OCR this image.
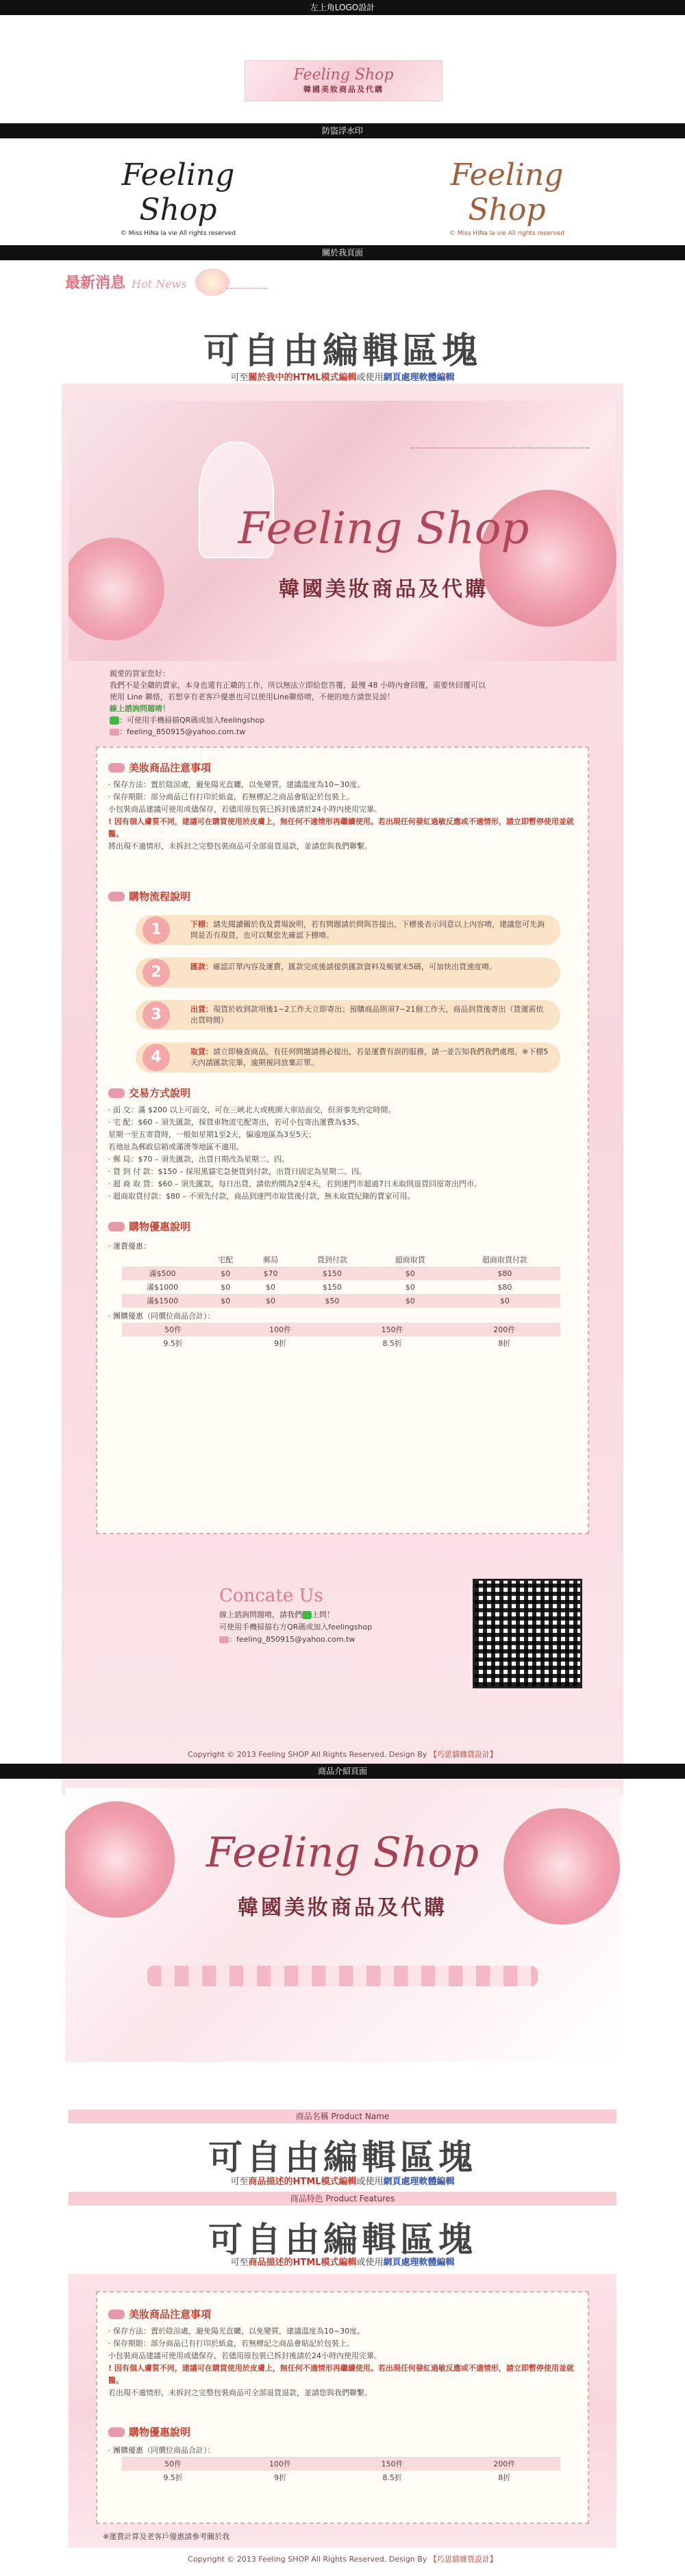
左上角LOGO設計
Feeling Shop
韓國美妝商品及代購
防盜浮水印
Feeling Shop
© Miss HiNa la vie All rights reserved
Feeling Shop
© Miss HiNa la vie All rights reserved
關於我頁面
最新消息 Hot News
可自由編輯區塊
可至關於我中的HTML模式編輯或使用網頁處理軟體編輯
Feeling Shop
韓國美妝商品及代購
親愛的買家您好：
我們不是全職的賣家，本身也還有正職的工作，所以無法立即給您答覆，最慢 48 小時內會回覆，需要快回覆可以
使用 Line 聯絡，若想享有老客戶優惠也可以使用Line聯絡唷，不便的地方請您見諒！
線上諮詢問題唷！
：可使用手機掃描QR碼或加入feelingshop
：feeling_850915@yahoo.com.tw
美妝商品注意事項
‧ 保存方法：置於陰涼處，避免陽光直曬，以免變質，建議溫度為10~30度。
‧ 保存期限：部分商品已有打印於紙盒，若無標記之商品會貼記於包裝上。
小包裝商品建議可使用或儘保存，若儘用原包裝已拆封後請於24小時內使用完畢。
! 因有個人膚質不同，建議可在購買使用於皮膚上，無任何不適情形再繼續使用。若出現任何發紅過敏反應或不適情形，請立即暫停使用並就醫。
將出現不適情形，未拆封之完整包裝商品可全部退貨退款，並請您與我們聯繫。
購物流程說明
1	下標：請先閱讀關於我及賣場說明，若有問題請於問與答提出，下標後表示同意以上內容唷，建議您可先詢問是否有現貨，也可以幫您先確認下標唷。
2	匯款：確認訂單內容及運費，匯款完成後請提供匯款資料及帳號末5碼，可加快出貨速度唷。
3	出貨：現貨於收到款項後1~2工作天立即寄出；預購商品則須7~21個工作天，商品到貨後寄出（貨運需依出貨時間）
4	取貨：請立即檢查商品，有任何問題請務必提出，若是運費有誤的服務，請一並告知我們我們處理。※下標5天內請匯款完畢，逾期視同放棄訂單。
交易方式說明
‧ 面 交：滿 $200 以上可面交，可在三峽北大或桃園大車站面交，但須事先約定時間。
‧ 宅 配：$60 – 須先匯款，採貨車物流宅配寄出，若可小包寄出運費為$35。
星期一至五寄貨時，一般如星期1至2天，偏遠地區為3至5天；
若地址為郵政信箱或滿滑等地區不適用。
‧ 郵 局：$70 – 須先匯款，出貨日期改為星期二、四。
‧ 貨 到 付 款：$150 – 採用黑貓宅急便貨到付款，出貨日固定為星期二、四。
‧ 超 商 取 貨：$60 – 須先匯款，每日出貨，請依約間為2至4天，若到達門市超過7日未取則退貨回原寄出門市。
‧ 超商取貨付款：$80 – 不須先付款，商品到達門市取貨後付款，無未取貨紀錄的賣家可用。
購物優惠說明
‧ 運費優惠：
	宅配	郵局	貨到付款	超商取貨	超商取貨付款
滿$500	$0	$70	$150	$0	$80
滿$1000	$0	$0	$150	$0	$80
滿$1500	$0	$0	$50	$0	$0
‧ 團購優惠（同價位商品合計）：
50件	100件	150件	200件
9.5折	9折	8.5折	8折
Concate Us
線上諮詢問題唷，請我們 上問！
可使用手機掃描右方QR碼或加入feelingshop
：feeling_850915@yahoo.com.tw
Copyright © 2013 Feeling SHOP All Rights Reserved. Design By 【巧思貓雜貨設計】
商品介紹頁面
Feeling Shop
韓國美妝商品及代購
商品名稱 Product Name
可自由編輯區塊
可至商品描述的HTML模式編輯或使用網頁處理軟體編輯
商品特色 Product Features
可自由編輯區塊
可至商品描述的HTML模式編輯或使用網頁處理軟體編輯
美妝商品注意事項
‧ 保存方法：置於陰涼處，避免陽光直曬，以免變質，建議溫度為10~30度。
‧ 保存期限：部分商品已有打印於紙盒，若無標記之商品會貼記於包裝上。
小包裝商品建議可使用或儘保存，若儘用原包裝已拆封後請於24小時內使用完畢。
! 因有個人膚質不同，建議可在購買使用於皮膚上，無任何不適情形再繼續使用。若出現任何發紅過敏反應或不適情形，請立即暫停使用並就醫。
若出現不適情形，未拆封之完整包裝商品可全部退貨退款，並請您與我們聯繫。
購物優惠說明
‧ 團購優惠（同價位商品合計）：
50件	100件	150件	200件
9.5折	9折	8.5折	8折
※運費計算及老客戶優惠請參考關於我
Copyright © 2013 Feeling SHOP All Rights Reserved. Design By 【巧思貓雜貨設計】
